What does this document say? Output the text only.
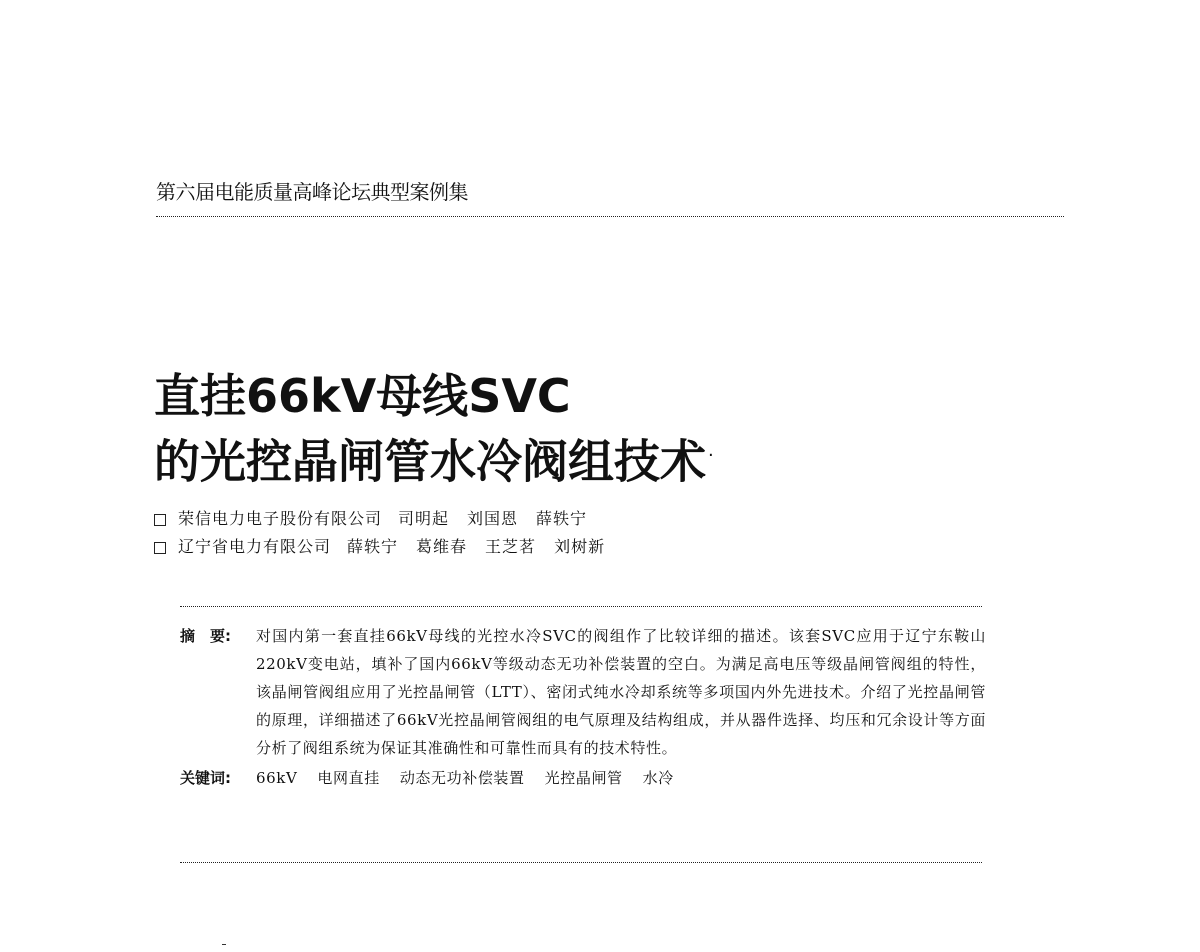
第六届电能质量高峰论坛典型案例集
直挂66kV母线SVC
的光控晶闸管水冷阀组技术 ·
荣信电力电子股份有限公司 司明起 刘国恩 薛轶宁
辽宁省电力有限公司 薛轶宁 葛维春 王芝茗 刘树新
摘　要:	对国内第一套直挂66kV母线的光控水冷SVC的阀组作了比较详细的描述。该套SVC应用于辽宁东鞍山220kV变电站，填补了国内66kV等级动态无功补偿装置的空白。为满足高电压等级晶闸管阀组的特性，该晶闸管阀组应用了光控晶闸管（LTT）、密闭式纯水冷却系统等多项国内外先进技术。介绍了光控晶闸管的原理，详细描述了66kV光控晶闸管阀组的电气原理及结构组成，并从器件选择、均压和冗余设计等方面分析了阀组系统为保证其准确性和可靠性而具有的技术特性。
关键词:	66kV 电网直挂 动态无功补偿装置 光控晶闸管 水冷
